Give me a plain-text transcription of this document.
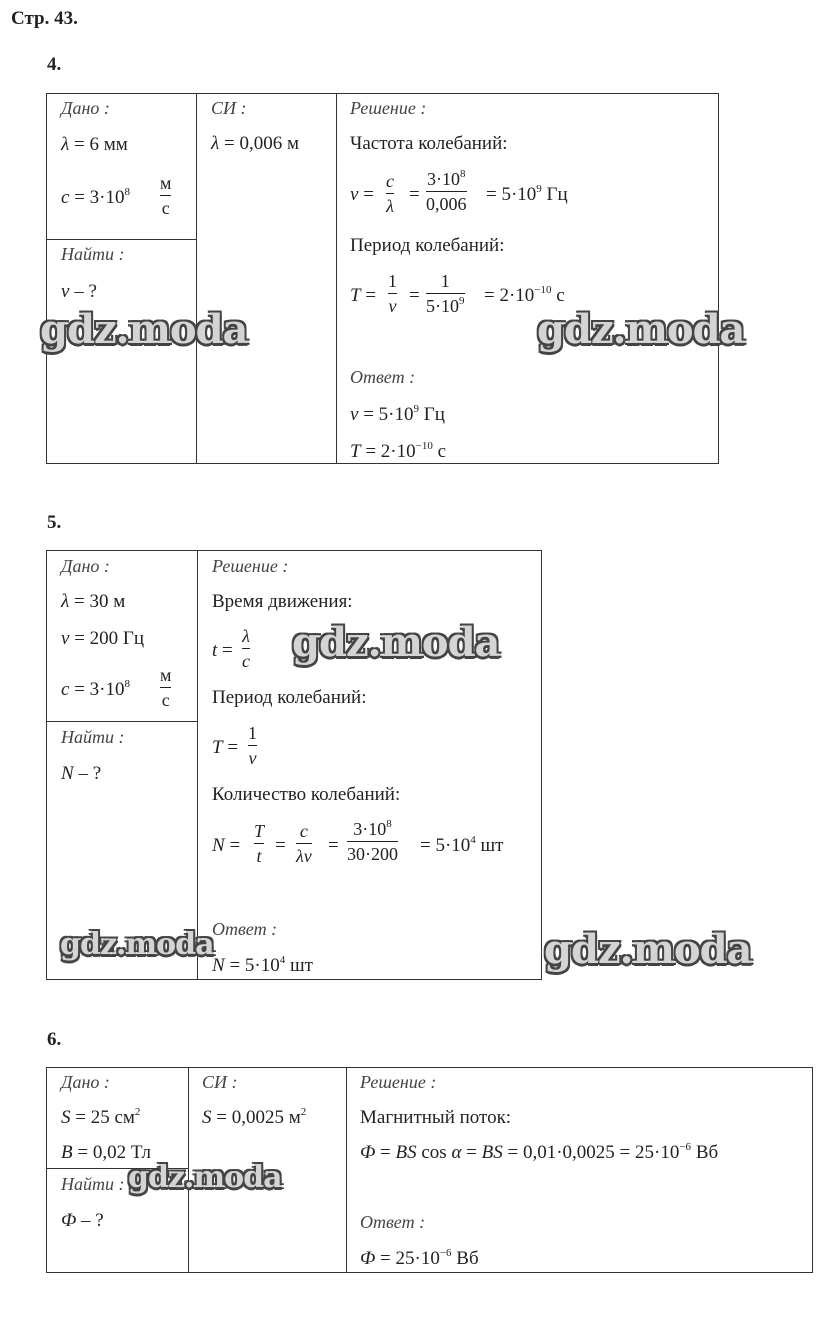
Стр. 43.
4.
Дано :
λ = 6 мм
$c = 3\cdot 10^8$ м
с
Найти :
ν – ?
СИ :
λ = 0,006 м
Решение :
Частота колебаний:
ν =
c
λ
=
$3\cdot 10^8$
$0,006 = 5\cdot 10^9$ Гц
Период колебаний:
T =
1
ν =
1
$5\cdot 10^9 = 2\cdot 10^{-10}$ с
Ответ :
$\nu = 5\cdot 10^9$ Гц
$T = 2\cdot 10^{-10}$ с
gdz.moda	gdz.moda
5.
Дано :
λ = 30 м
ν = 200 Гц
$c = 3\cdot 10^8$ м
с
Найти :
N – ?
Решение :
Время движения:
t =
λ
c
Период колебаний:
T =
1
ν
Количество колебаний:
N =
T
t =
c
λν =
$3\cdot 10^8$
$30\cdot 200 = 5\cdot 10^4$ шт
Ответ :
$N = 5\cdot 10^4$ шт
gdz.moda
gdz.moda	gdz.moda
6.
Дано :
S = 25 $см^2$
B = 0,02 Тл
Найти :
Ф – ?
СИ :
S = 0,0025 $м^2$
Решение :
Магнитный поток:
Ф = BS cos α = BS = $0,01\cdot 0,0025 = 25\cdot 10^{-6}$ Вб
Ответ :
$Ф = 25\cdot 10^{-6}$ Вб
gdz.moda
